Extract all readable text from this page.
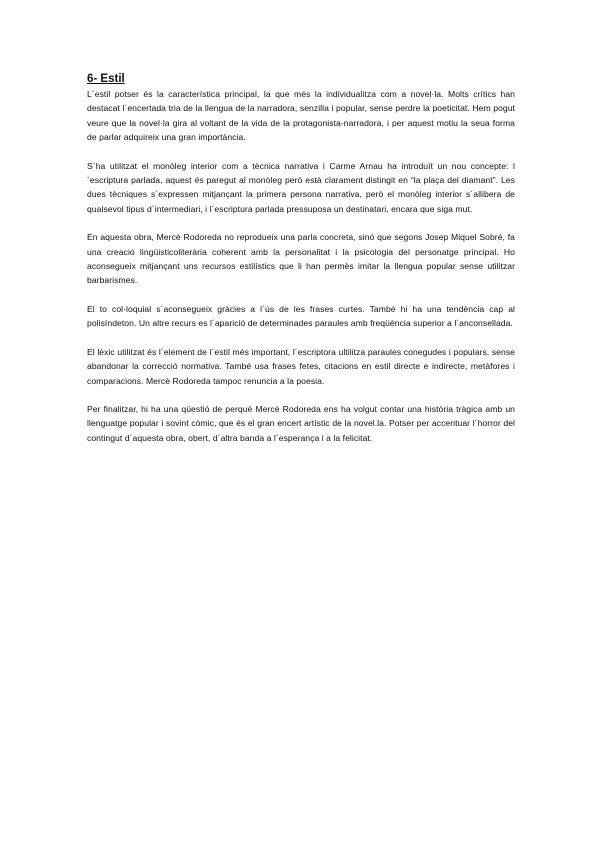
6- Estil

L´estil potser és la característica principal, la que més la individualitza com a novel·la. Molts crítics han destacat l´encertada tria de la llengua de la narradora, senzilla i popular, sense perdre la poeticitat. Hem pogut veure que la novel·la gira al voltant de la vida de la protagonista-narradora, i per aquest motiu la seua forma de parlar adquireix una gran importància.

S´ha utilitzat el monòleg interior com a tècnica narrativa i Carme Arnau ha introduït un nou concepte: l´escriptura parlada, aquest és paregut al monòleg però està clarament distingit en “la plaça del diamant”. Les dues tècniques s´expressen mitjançant la primera persona narrativa, però el monòleg interior s´allibera de qualsevol tipus d´intermediari, i l´escriptura parlada pressuposa un destinatari, encara que siga mut.

En aquesta obra, Mercè Rodoreda no reprodueix una parla concreta, sinó que segons Josep Miquel Sobré, fa una creació lingüisticoliterària coherent amb la personalitat i la psicologia del personatge principal. Ho aconsegueix mitjançant uns recursos estilístics que li han permès imitar la llengua popular sense utilitzar barbarismes.

El to col·loquial s´aconsegueix gràcies a l´ús de les frases curtes. També hi ha una tendència cap al polisíndeton. Un altre recurs es l´aparició de determinades paraules amb freqüència superior a l´anconsellada.

El lèxic utilitzat és l´element de l´estil més important, l´escriptora ultilitza paraules conegudes i populars, sense abandonar la correcció normativa. També usa frases fetes, citacions en estil directe e indirecte, metàfores i comparacions. Mercè Rodoreda tampoc renuncia a la poesia.

Per finalitzar, hi ha una qüestió de perquè Mercè Rodoreda ens ha volgut contar una història tràgica amb un llenguatge popular i sovint còmic, que és el gran encert artístic de la novel.la. Potser per accentuar l´horror del contingut d´aquesta obra, obert, d´altra banda a l´esperança i a la felicitat.
